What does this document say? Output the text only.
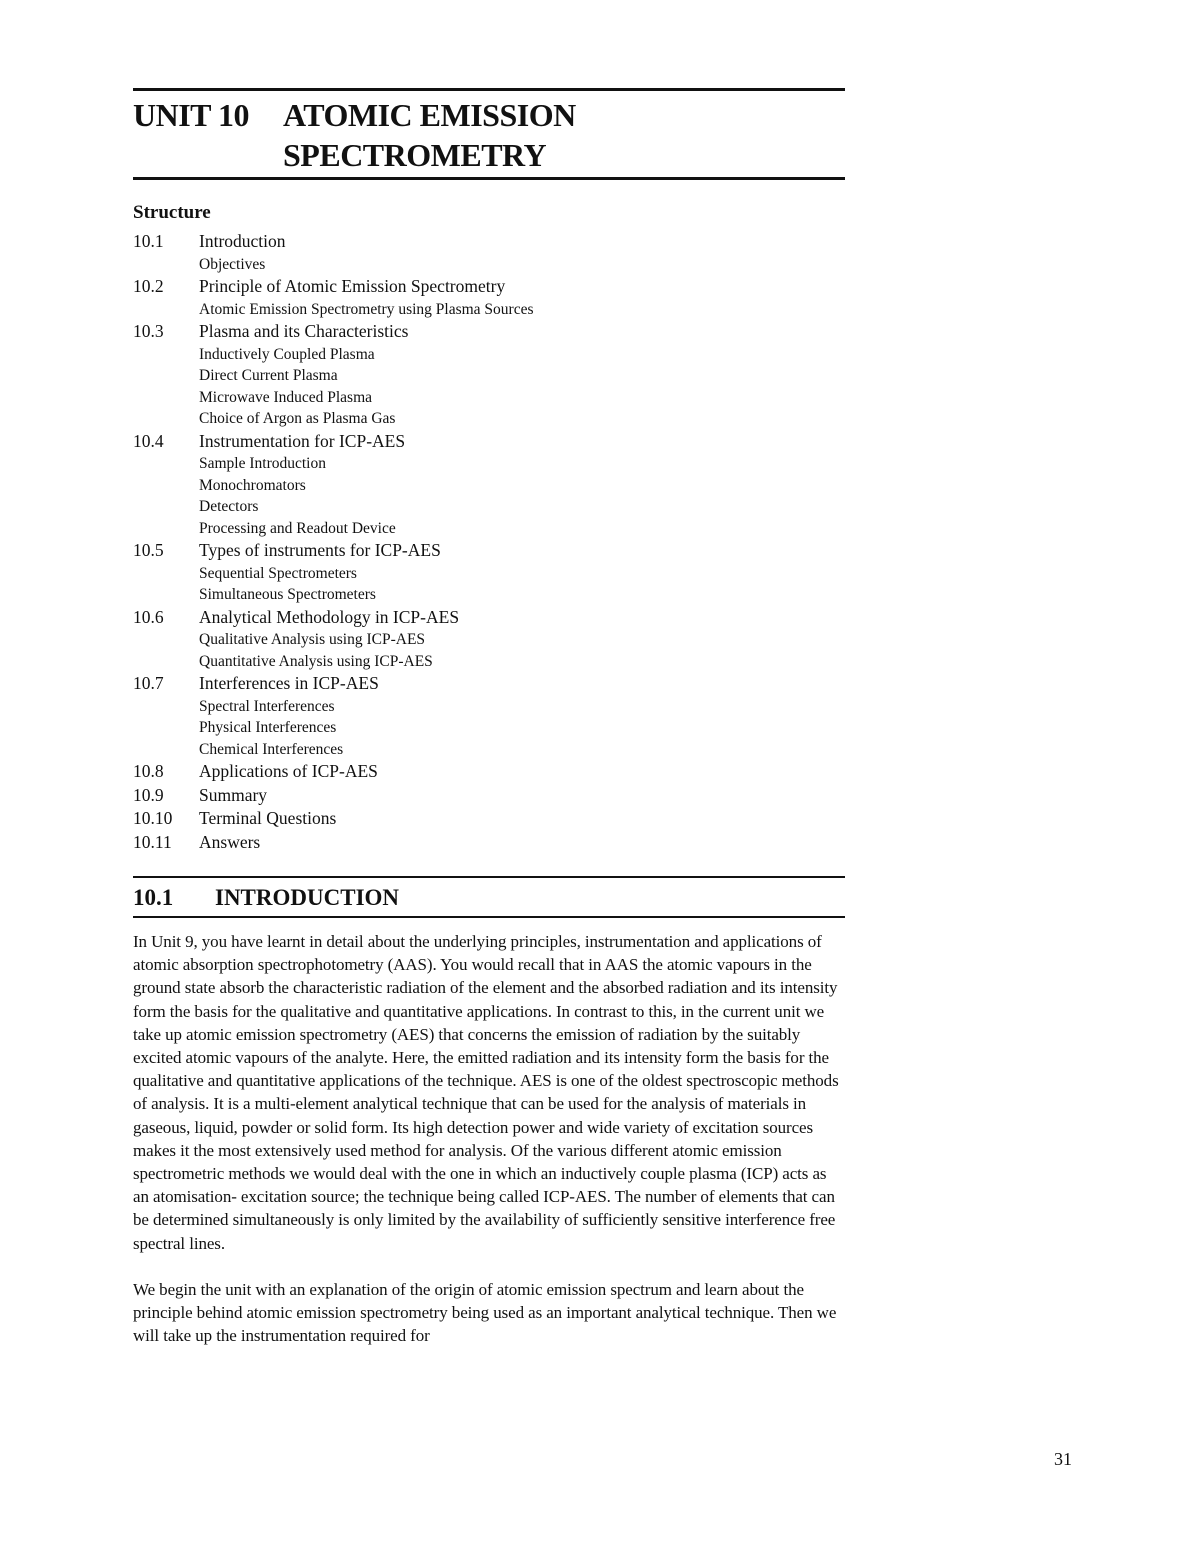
UNIT 10	ATOMIC EMISSION
SPECTROMETRY
Structure
10.1	Introduction
Objectives
10.2	Principle of Atomic Emission Spectrometry
Atomic Emission Spectrometry using Plasma Sources
10.3	Plasma and its Characteristics
Inductively Coupled Plasma
Direct Current Plasma
Microwave Induced Plasma
Choice of Argon as Plasma Gas
10.4	Instrumentation for ICP-AES
Sample Introduction
Monochromators
Detectors
Processing and Readout Device
10.5	Types of instruments for ICP-AES
Sequential Spectrometers
Simultaneous Spectrometers
10.6	Analytical Methodology in ICP-AES
Qualitative Analysis using ICP-AES
Quantitative Analysis using ICP-AES
10.7	Interferences in ICP-AES
Spectral Interferences
Physical Interferences
Chemical Interferences
10.8	Applications of ICP-AES
10.9	Summary
10.10	Terminal Questions
10.11	Answers
10.1	INTRODUCTION

In Unit 9, you have learnt in detail about the underlying principles, instrumentation and applications of atomic absorption spectrophotometry (AAS). You would recall that in AAS the atomic vapours in the ground state absorb the characteristic radiation of the element and the absorbed radiation and its intensity form the basis for the qualitative and quantitative applications. In contrast to this, in the current unit we take up atomic emission spectrometry (AES) that concerns the emission of radiation by the suitably excited atomic vapours of the analyte. Here, the emitted radiation and its intensity form the basis for the qualitative and quantitative applications of the technique. AES is one of the oldest spectroscopic methods of analysis. It is a multi-element analytical technique that can be used for the analysis of materials in gaseous, liquid, powder or solid form. Its high detection power and wide variety of excitation sources makes it the most extensively used method for analysis. Of the various different atomic emission spectrometric methods we would deal with the one in which an inductively couple plasma (ICP) acts as an atomisation- excitation source; the technique being called ICP-AES. The number of elements that can be determined simultaneously is only limited by the availability of sufficiently sensitive interference free spectral lines.

We begin the unit with an explanation of the origin of atomic emission spectrum and learn about the principle behind atomic emission spectrometry being used as an important analytical technique. Then we will take up the instrumentation required for

31
